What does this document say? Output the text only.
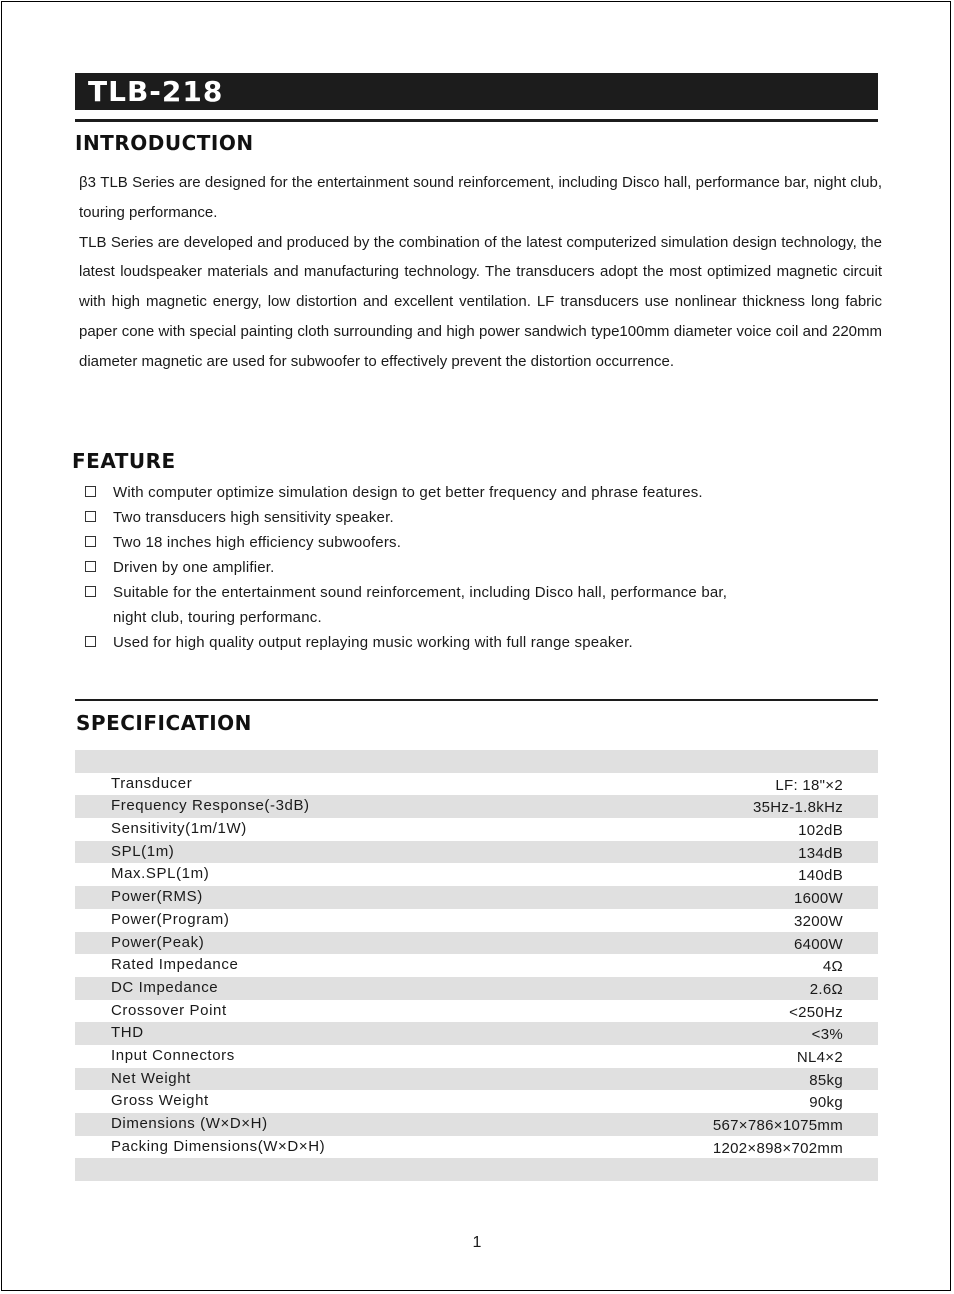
TLB-218
INTRODUCTION

β3 TLB Series are designed for the entertainment sound reinforcement, including Disco hall, performance bar, night club, touring performance.

TLB Series are developed and produced by the combination of the latest computerized simulation design technology, the latest loudspeaker materials and manufacturing technology. The transducers adopt the most optimized magnetic circuit with high magnetic energy, low distortion and excellent ventilation. LF transducers use nonlinear thickness long fabric paper cone with special painting cloth surrounding and high power sandwich type100mm diameter voice coil and 220mm diameter magnetic are used for subwoofer to effectively prevent the distortion occurrence.

FEATURE
With computer optimize simulation design to get better frequency and phrase features.
Two transducers high sensitivity speaker.
Two 18 inches high efficiency subwoofers.
Driven by one amplifier.
Suitable for the entertainment sound reinforcement, including Disco hall, performance bar,
night club, touring performanc.
Used for high quality output replaying music working with full range speaker.
SPECIFICATION
Transducer	LF: 18"×2
Frequency Response(-3dB)	35Hz-1.8kHz
Sensitivity(1m/1W)	102dB
SPL(1m)	134dB
Max.SPL(1m)	140dB
Power(RMS)	1600W
Power(Program)	3200W
Power(Peak)	6400W
Rated Impedance	4Ω
DC Impedance	2.6Ω
Crossover Point	<250Hz
THD	<3%
Input Connectors	NL4×2
Net Weight	85kg
Gross Weight	90kg
Dimensions (W×D×H)	567×786×1075mm
Packing Dimensions(W×D×H)	1202×898×702mm
1
